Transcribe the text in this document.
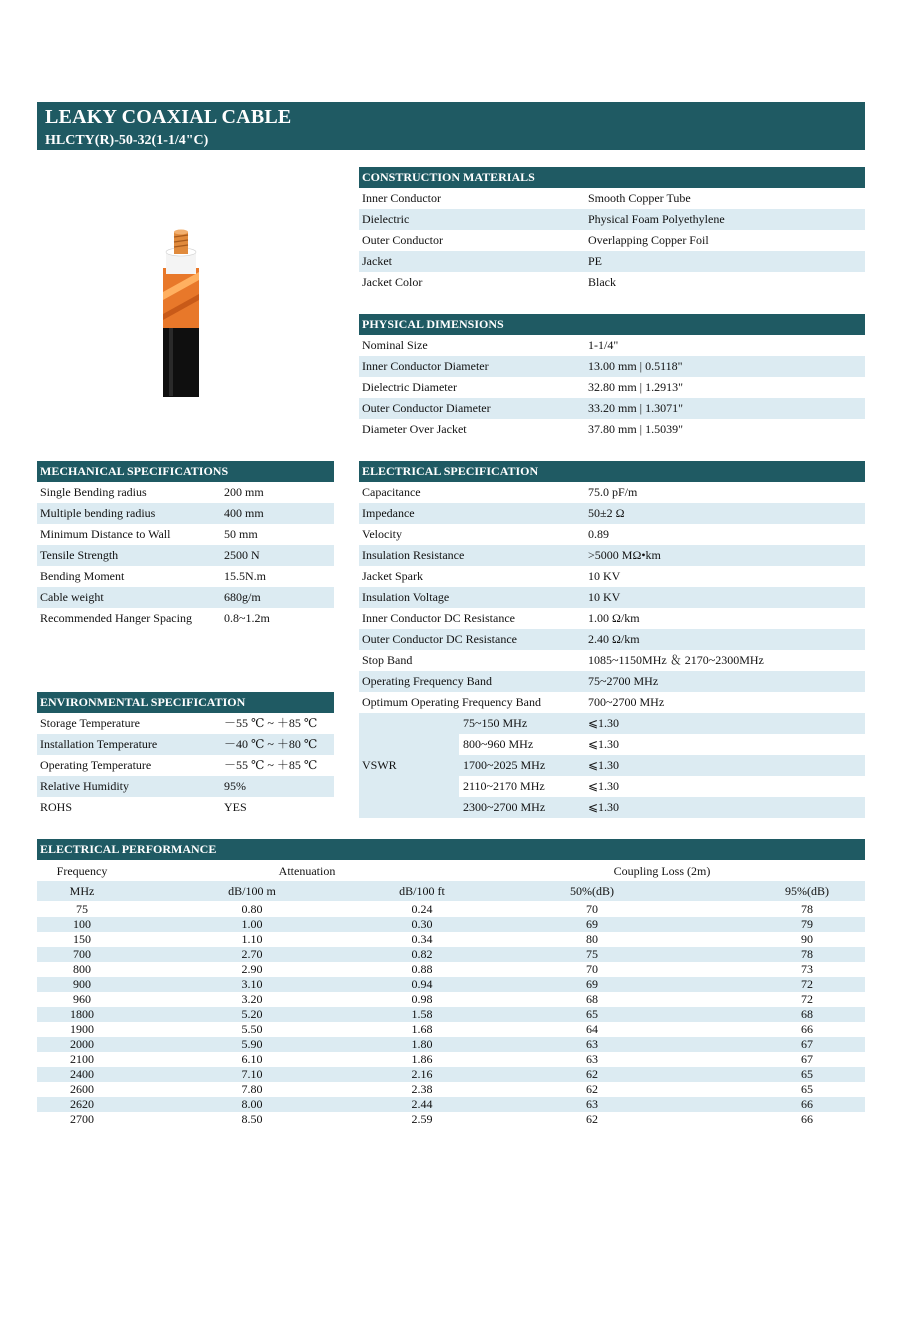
LEAKY COAXIAL CABLE
HLCTY(R)-50-32(1-1/4"C)
CONSTRUCTION MATERIALS
Inner Conductor	Smooth Copper Tube
Dielectric	Physical Foam Polyethylene
Outer Conductor	Overlapping Copper Foil
Jacket	PE
Jacket Color	Black
PHYSICAL DIMENSIONS
Nominal Size	1-1/4"
Inner Conductor Diameter	13.00 mm | 0.5118"
Dielectric Diameter	32.80 mm | 1.2913"
Outer Conductor Diameter	33.20 mm | 1.3071"
Diameter Over Jacket	37.80 mm | 1.5039"
MECHANICAL SPECIFICATIONS
Single Bending radius	200 mm
Multiple bending radius	400 mm
Minimum Distance to Wall	50 mm
Tensile Strength	2500 N
Bending Moment	15.5N.m
Cable weight	680g/m
Recommended Hanger Spacing	0.8~1.2m
ENVIRONMENTAL SPECIFICATION
Storage Temperature	－55 ℃ ~ ＋85 ℃
Installation Temperature	－40 ℃ ~ ＋80 ℃
Operating Temperature	－55 ℃ ~ ＋85 ℃
Relative Humidity	95%
ROHS	YES
ELECTRICAL SPECIFICATION
Capacitance	75.0 pF/m
Impedance	50±2 Ω
Velocity	0.89
Insulation Resistance	>5000 MΩ•km
Jacket Spark	10 KV
Insulation Voltage	10 KV
Inner Conductor DC Resistance	1.00 Ω/km
Outer Conductor DC Resistance	2.40 Ω/km
Stop Band	1085~1150MHz ＆ 2170~2300MHz
Operating Frequency Band	75~2700 MHz
Optimum Operating Frequency Band	700~2700 MHz
VSWR
75~150 MHz	⩽1.30
800~960 MHz	⩽1.30
1700~2025 MHz	⩽1.30
2110~2170 MHz	⩽1.30
2300~2700 MHz	⩽1.30
ELECTRICAL PERFORMANCE
Frequency	Attenuation	Coupling Loss (2m)
MHz	dB/100 m	dB/100 ft	50%(dB)	95%(dB)
75	0.80	0.24	70	78
100	1.00	0.30	69	79
150	1.10	0.34	80	90
700	2.70	0.82	75	78
800	2.90	0.88	70	73
900	3.10	0.94	69	72
960	3.20	0.98	68	72
1800	5.20	1.58	65	68
1900	5.50	1.68	64	66
2000	5.90	1.80	63	67
2100	6.10	1.86	63	67
2400	7.10	2.16	62	65
2600	7.80	2.38	62	65
2620	8.00	2.44	63	66
2700	8.50	2.59	62	66
